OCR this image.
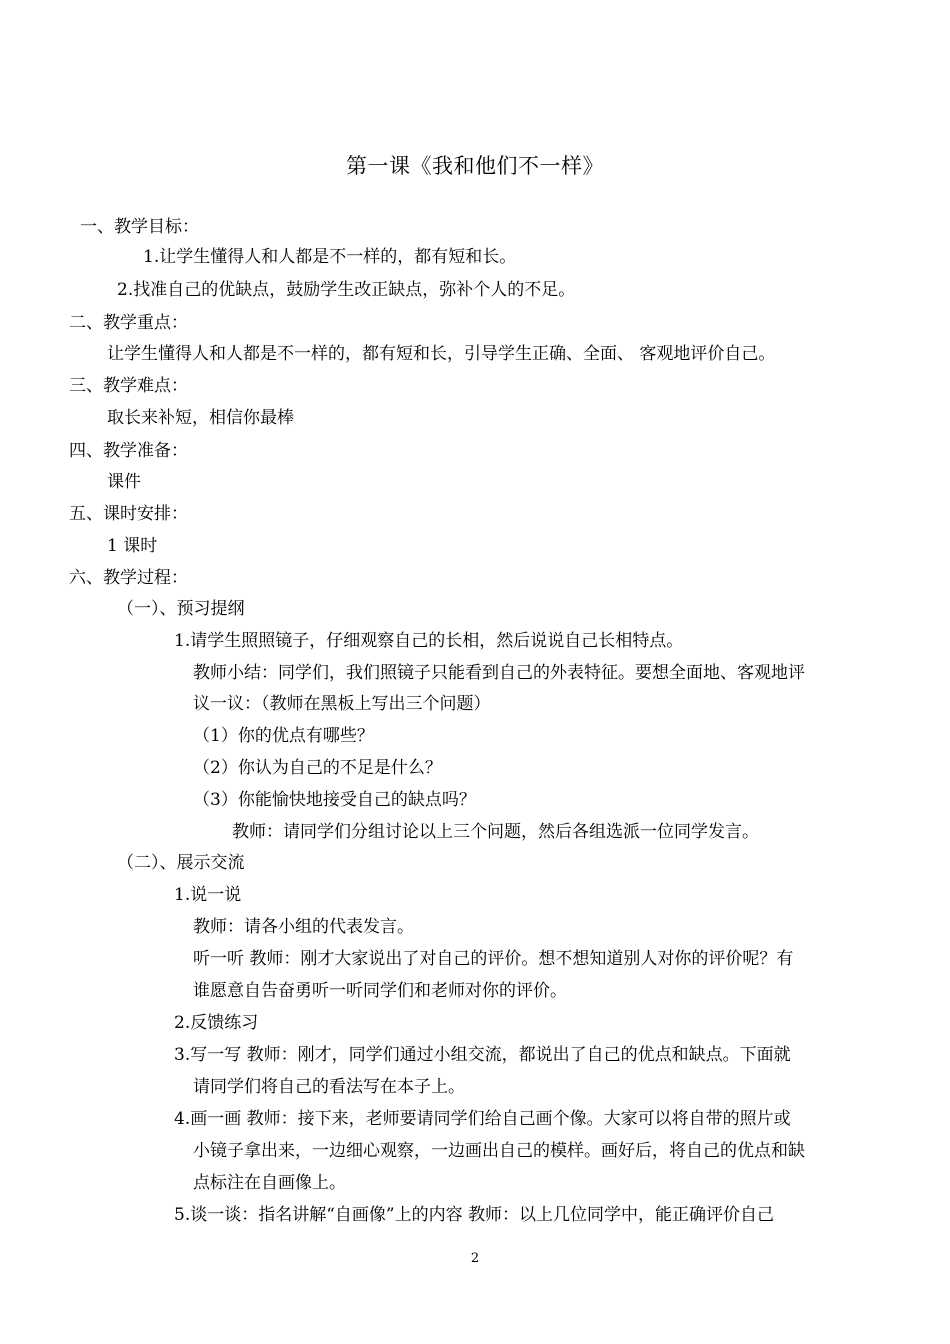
第一课《我和他们不一样》
一、教学目标：
1.让学生懂得人和人都是不一样的，都有短和长。
2.找准自己的优缺点，鼓励学生改正缺点，弥补个人的不足。
二、教学重点：
让学生懂得人和人都是不一样的，都有短和长，引导学生正确、全面、 客观地评价自己。
三、教学难点：
取长来补短，相信你最棒
四、教学准备：
课件
五、课时安排：
1 课时
六、教学过程：
（一）、预习提纲
1.请学生照照镜子，仔细观察自己的长相，然后说说自己长相特点。
教师小结：同学们，我们照镜子只能看到自己的外表特征。要想全面地、客观地评
议一议：（教师在黑板上写出三个问题）
（1）你的优点有哪些？
（2）你认为自己的不足是什么？
（3）你能愉快地接受自己的缺点吗？
教师：请同学们分组讨论以上三个问题，然后各组选派一位同学发言。
（二）、展示交流
1.说一说
教师：请各小组的代表发言。
听一听 教师：刚才大家说出了对自己的评价。想不想知道别人对你的评价呢？有
谁愿意自告奋勇听一听同学们和老师对你的评价。
2.反馈练习
3.写一写 教师：刚才，同学们通过小组交流，都说出了自己的优点和缺点。下面就
请同学们将自己的看法写在本子上。
4.画一画 教师：接下来，老师要请同学们给自己画个像。大家可以将自带的照片或
小镜子拿出来，一边细心观察，一边画出自己的模样。画好后，将自己的优点和缺
点标注在自画像上。
5.谈一谈：指名讲解“自画像”上的内容 教师：以上几位同学中，能正确评价自己
2
